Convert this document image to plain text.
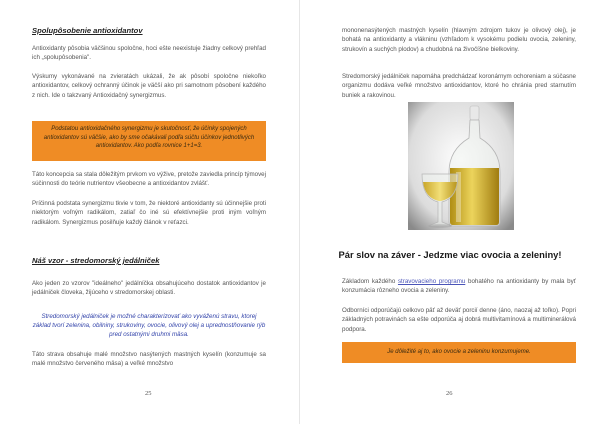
Spolupôsobenie antioxidantov

Antioxidanty pôsobia väčšinou spoločne, hoci ešte neexistuje žiadny celkový prehľad ich „spolupôsobenia".

Výskumy vykonávané na zvieratách ukázali, že ak pôsobí spoločne niekoľko antioxidantov, celkový ochranný účinok je väčší ako pri samotnom pôsobení každého z nich. Ide o takzvaný Antioxidačný synergizmus.

Podstatou antioxidačného synergizmu je skutočnosť, že účinky spojených antioxidantov sú väčšie, ako by sme očakávali podľa súčtu účinkov jednotlivých antioxidantov. Ako podľa rovnice 1+1=3.

Táto koncepcia sa stala dôležitým prvkom vo výžive, pretože zaviedla princíp týmovej súčinnosti do teórie nutrientov všeobecne a antioxidantov zvlášť.

Príčinná podstata synergizmu tkvie v tom, že niektoré antioxidanty sú účinnejšie proti niektorým voľným radikálom, zatiaľ čo iné sú efektívnejšie proti iným voľným radikálom. Synergizmus posilňuje každý článok v reťazci.

Náš vzor - stredomorský jedálniček

Ako jeden zo vzorov "ideálneho" jedálníčka obsahujúceho dostatok antioxidantov je jedálniček človeka, žijúceho v stredomorskej oblasti.

Stredomorský jedálniček je možné charakterizovať ako vyváženú stravu, ktorej základ tvorí zelenina, obilniny, strukoviny, ovocie, olivový olej a uprednostňovanie rýb pred ostatnými druhmi mäsa.

Táto strava obsahuje malé množstvo nasýtených mastných kyselín (konzumuje sa malé množstvo červeného mäsa) a veľké množstvo

25

mononenasýtených mastných kyselín (hlavným zdrojom tukov je olivový olej), je bohatá na antioxidanty a vlákninu (vzhľadom k vysokému podielu ovocia, zeleniny, strukovín a suchých plodov) a chudobná na živočíšne bielkoviny.

Stredomorský jedálniček napomáha predchádzať koronárnym ochoreniam a súčasne organizmu dodáva veľké množstvo antioxidantov, ktoré ho chránia pred starnutím buniek a rakovinou.

Pár slov na záver - Jedzme viac ovocia a zeleniny!

Základom každého stravovacieho programu bohatého na antioxidanty by mala byť konzumácia rôzneho ovocia a zeleniny.

Odborníci odporúčajú celkovo päť až deväť porcií denne (áno, naozaj až toľko). Popri základných potravinách sa ešte odporúča aj dobrá multivitamínová a multiminerálová podpora.

Je dôležité aj to, ako ovocie a zeleninu konzumujeme.

26
